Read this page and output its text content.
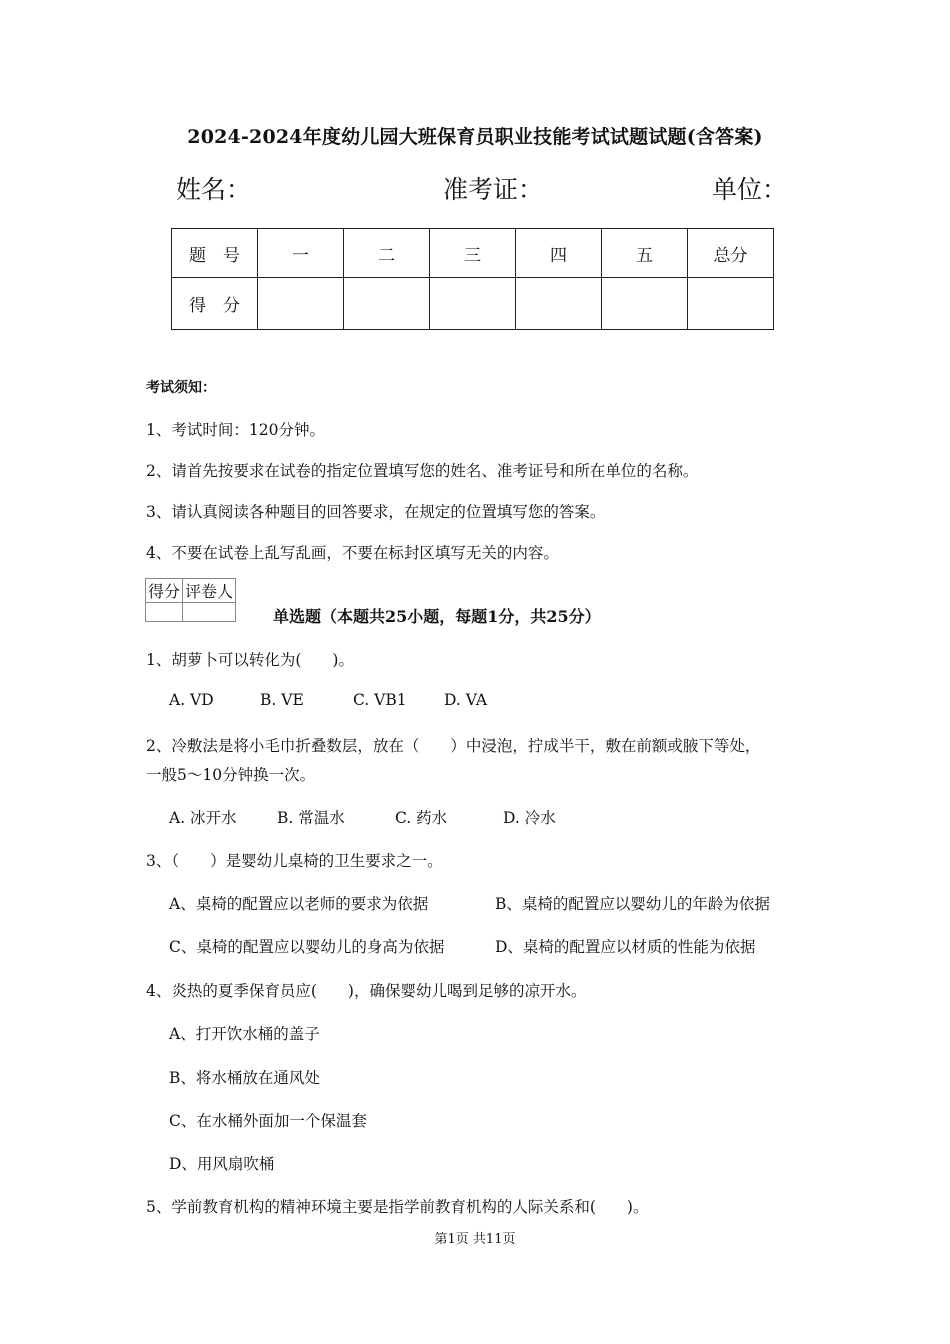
2024-2024年度幼儿园大班保育员职业技能考试试题试题(含答案)
姓名：	准考证：	单位：
题　号	一	二	三	四	五	总分
得　分						
考试须知：
1、考试时间：120分钟。
2、请首先按要求在试卷的指定位置填写您的姓名、准考证号和所在单位的名称。
3、请认真阅读各种题目的回答要求，在规定的位置填写您的答案。
4、不要在试卷上乱写乱画，不要在标封区填写无关的内容。
得分	评卷人

单选题（本题共25小题，每题1分，共25分）
1、胡萝卜可以转化为(　　)。
A. VD	B. VE	C. VB1 D. VA
2、冷敷法是将小毛巾折叠数层，放在（　　）中浸泡，拧成半干，敷在前额或腋下等处，
一般5～10分钟换一次。
A. 冰开水	B. 常温水	C. 药水	D. 冷水
3、（　　）是婴幼儿桌椅的卫生要求之一。
A、桌椅的配置应以老师的要求为依据	B、桌椅的配置应以婴幼儿的年龄为依据
C、桌椅的配置应以婴幼儿的身高为依据	D、桌椅的配置应以材质的性能为依据
4、炎热的夏季保育员应(　　)，确保婴幼儿喝到足够的凉开水。
A、打开饮水桶的盖子
B、将水桶放在通风处
C、在水桶外面加一个保温套
D、用风扇吹桶
5、学前教育机构的精神环境主要是指学前教育机构的人际关系和(　　)。
第1页 共11页
